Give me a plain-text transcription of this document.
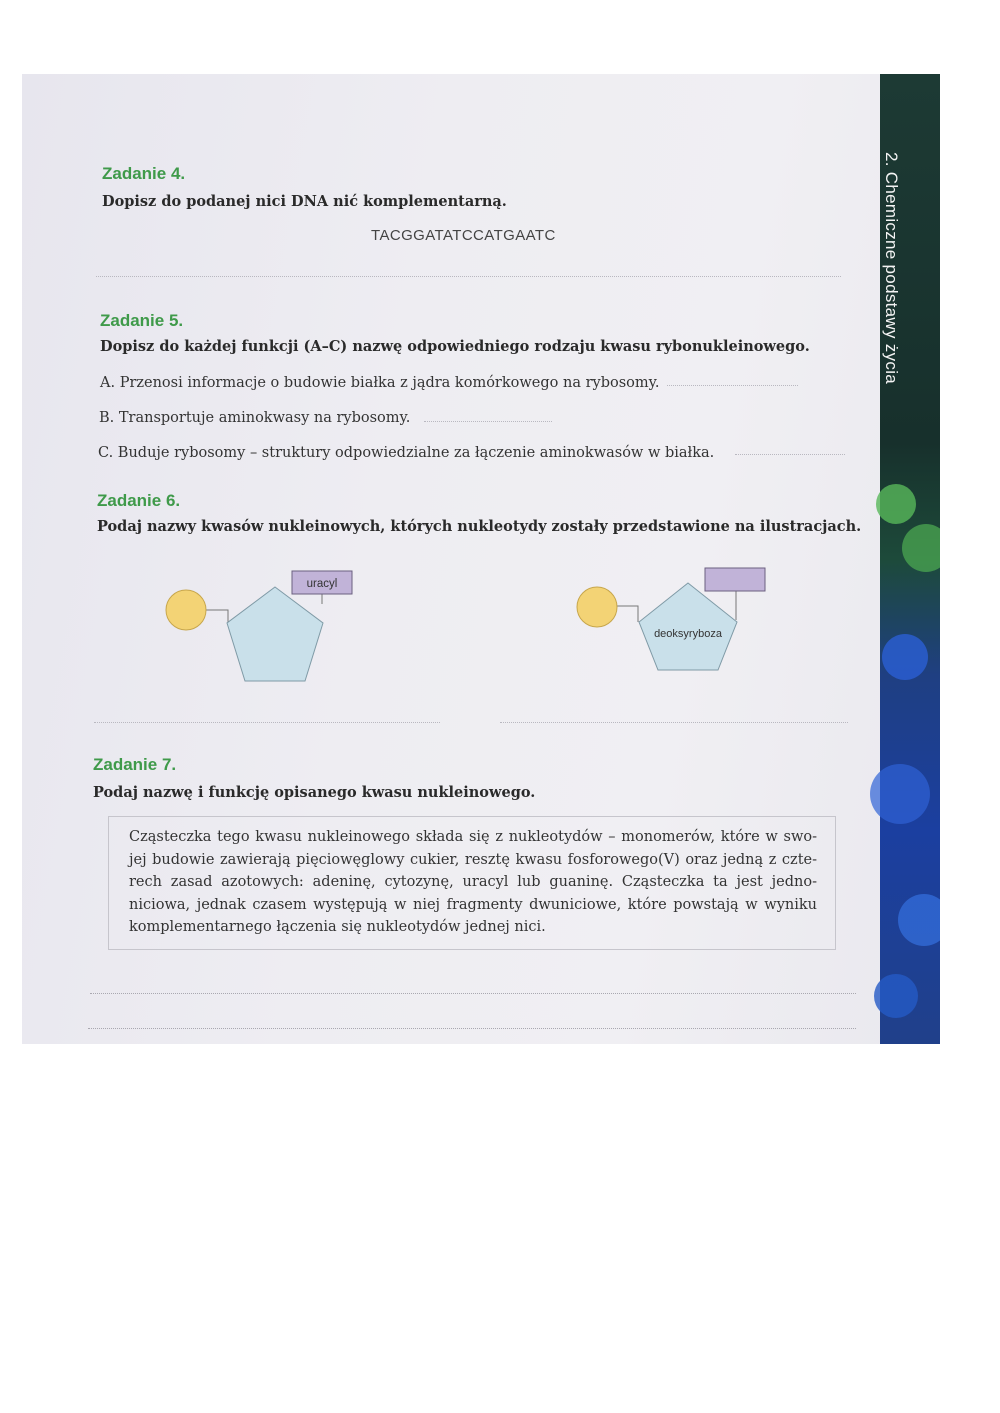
2. Chemiczne podstawy życia
Zadanie 4.
Dopisz do podanej nici DNA nić komplementarną.
TACGGATATCCATGAATC
Zadanie 5.
Dopisz do każdej funkcji (A–C) nazwę odpowiedniego rodzaju kwasu rybonukleinowego.
A. Przenosi informacje o budowie białka z jądra komórkowego na rybosomy.
B. Transportuje aminokwasy na rybosomy.
C. Buduje rybosomy – struktury odpowiedzialne za łączenie aminokwasów w białka.
Zadanie 6.
Podaj nazwy kwasów nukleinowych, których nukleotydy zostały przedstawione na ilustracjach.
uracyl
deoksyryboza
Zadanie 7.
Podaj nazwę i funkcję opisanego kwasu nukleinowego.
Cząsteczka tego kwasu nukleinowego składa się z nukleotydów – monomerów, które w swo-
jej budowie zawierają pięciowęglowy cukier, resztę kwasu fosforowego(V) oraz jedną z czte-
rech zasad azotowych: adeninę, cytozynę, uracyl lub guaninę. Cząsteczka ta jest jedno-
niciowa, jednak czasem występują w niej fragmenty dwuniciowe, które powstają w wyniku
komplementarnego łączenia się nukleotydów jednej nici.
